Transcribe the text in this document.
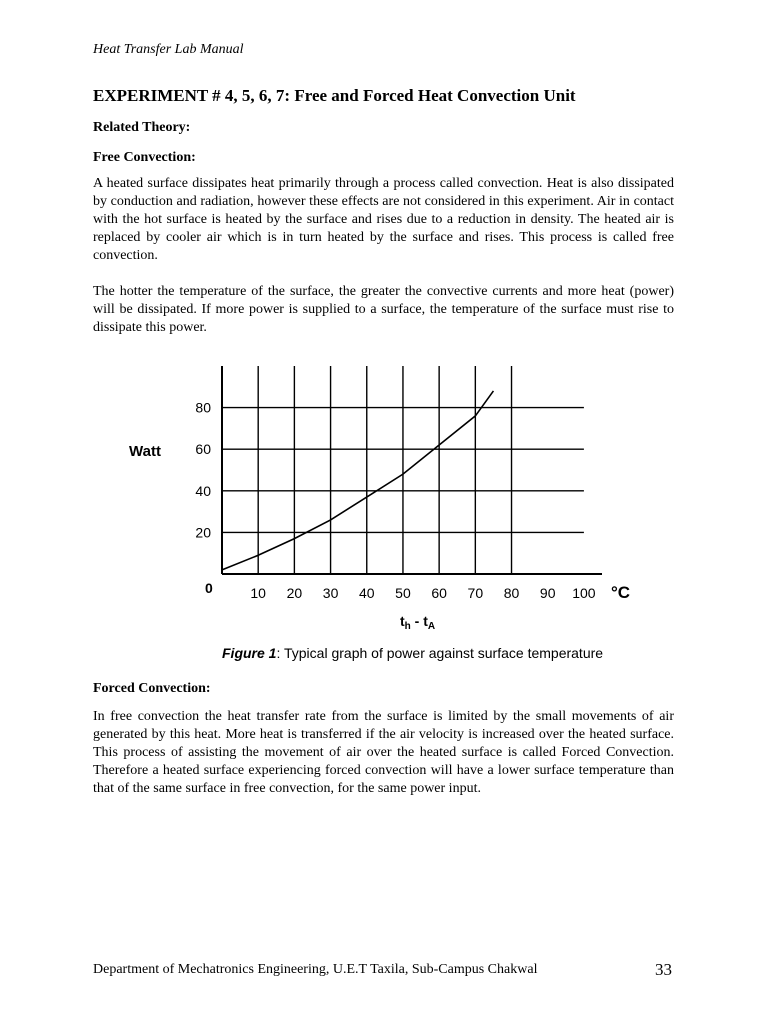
Heat Transfer Lab Manual
EXPERIMENT # 4, 5, 6, 7: Free and Forced Heat Convection Unit
Related Theory:
Free Convection:

A heated surface dissipates heat primarily through a process called convection. Heat is also dissipated by conduction and radiation, however these effects are not considered in this experiment. Air in contact with the hot surface is heated by the surface and rises due to a reduction in density. The heated air is replaced by cooler air which is in turn heated by the surface and rises. This process is called free convection.

The hotter the temperature of the surface, the greater the convective currents and more heat (power) will be dissipated. If more power is supplied to a surface, the temperature of the surface must rise to dissipate this power.

10 20 30 40 50 60 70 80 90 100
20
40
60
80
Watt
0	°C
$t_h - t_A$
Figure 1: Typical graph of power against surface temperature
Forced Convection:

In free convection the heat transfer rate from the surface is limited by the small movements of air generated by this heat. More heat is transferred if the air velocity is increased over the heated surface. This process of assisting the movement of air over the heated surface is called Forced Convection. Therefore a heated surface experiencing forced convection will have a lower surface temperature than that of the same surface in free convection, for the same power input.

Department of Mechatronics Engineering, U.E.T Taxila, Sub-Campus Chakwal	33
